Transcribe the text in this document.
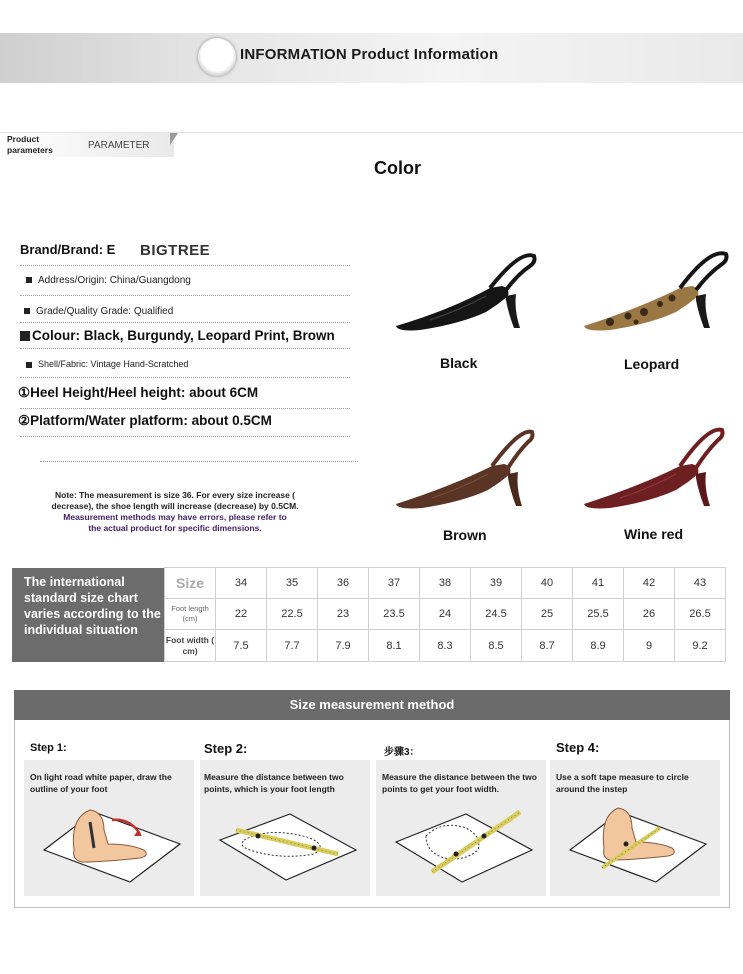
INFORMATION Product Information
Product parameters	PARAMETER
Color
Brand/Brand: E BIGTREE
Address/Origin: China/Guangdong
Grade/Quality Grade: Qualified
Colour: Black, Burgundy, Leopard Print, Brown
Shell/Fabric: Vintage Hand-Scratched
①Heel Height/Heel height: about 6CM
②Platform/Water platform: about 0.5CM
Note: The measurement is size 36. For every size increase (
decrease), the shoe length will increase (decrease) by 0.5CM.
Measurement methods may have errors, please refer to
the actual product for specific dimensions.
Black	Leopard
Brown	Wine red
The international standard size chart varies according to the individual situation
Size	34	35	36	37	38	39	40	41	42	43
Foot length (cm)	22	22.5	23	23.5	24	24.5	25	25.5	26	26.5
Foot width ( cm)	7.5	7.7	7.9	8.1	8.3	8.5	8.7	8.9	9	9.2
Size measurement method
Step 1:	Step 2:	步骤3：	Step 4:
On light road white paper, draw the outline of your foot
Measure the distance between two points, which is your foot length
Measure the distance between the two points to get your foot width.
Use a soft tape measure to circle around the instep
